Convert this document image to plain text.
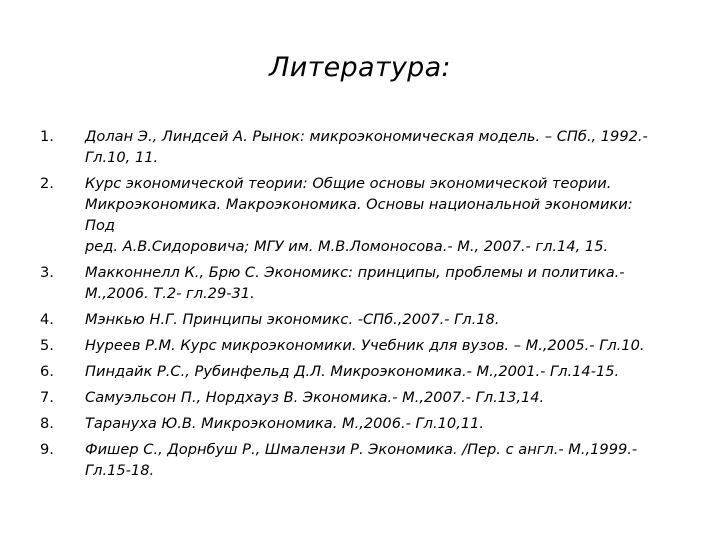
Литература:
1.	Долан Э., Линдсей А. Рынок: микроэкономическая модель. – СПб., 1992.-
Гл.10, 11.
2.	Курс экономической теории: Общие основы экономической теории.
Микроэкономика. Макроэкономика. Основы национальной экономики: Под
ред. А.В.Сидоровича; МГУ им. М.В.Ломоносова.- М., 2007.- гл.14, 15.
3.	Макконнелл К., Брю С. Экономикс: принципы, проблемы и политика.-
М.,2006. Т.2- гл.29-31.
4.	Мэнкью Н.Г. Принципы экономикс. -СПб.,2007.- Гл.18.
5.	Нуреев Р.М. Курс микроэкономики. Учебник для вузов. – М.,2005.- Гл.10.
6.	Пиндайк Р.С., Рубинфельд Д.Л. Микроэкономика.- М.,2001.- Гл.14-15.
7.	Самуэльсон П., Нордхауз В. Экономика.- М.,2007.- Гл.13,14.
8.	Тарануха Ю.В. Микроэкономика. М.,2006.- Гл.10,11.
9.	Фишер С., Дорнбуш Р., Шмалензи Р. Экономика. /Пер. с англ.- М.,1999.-
Гл.15-18.
